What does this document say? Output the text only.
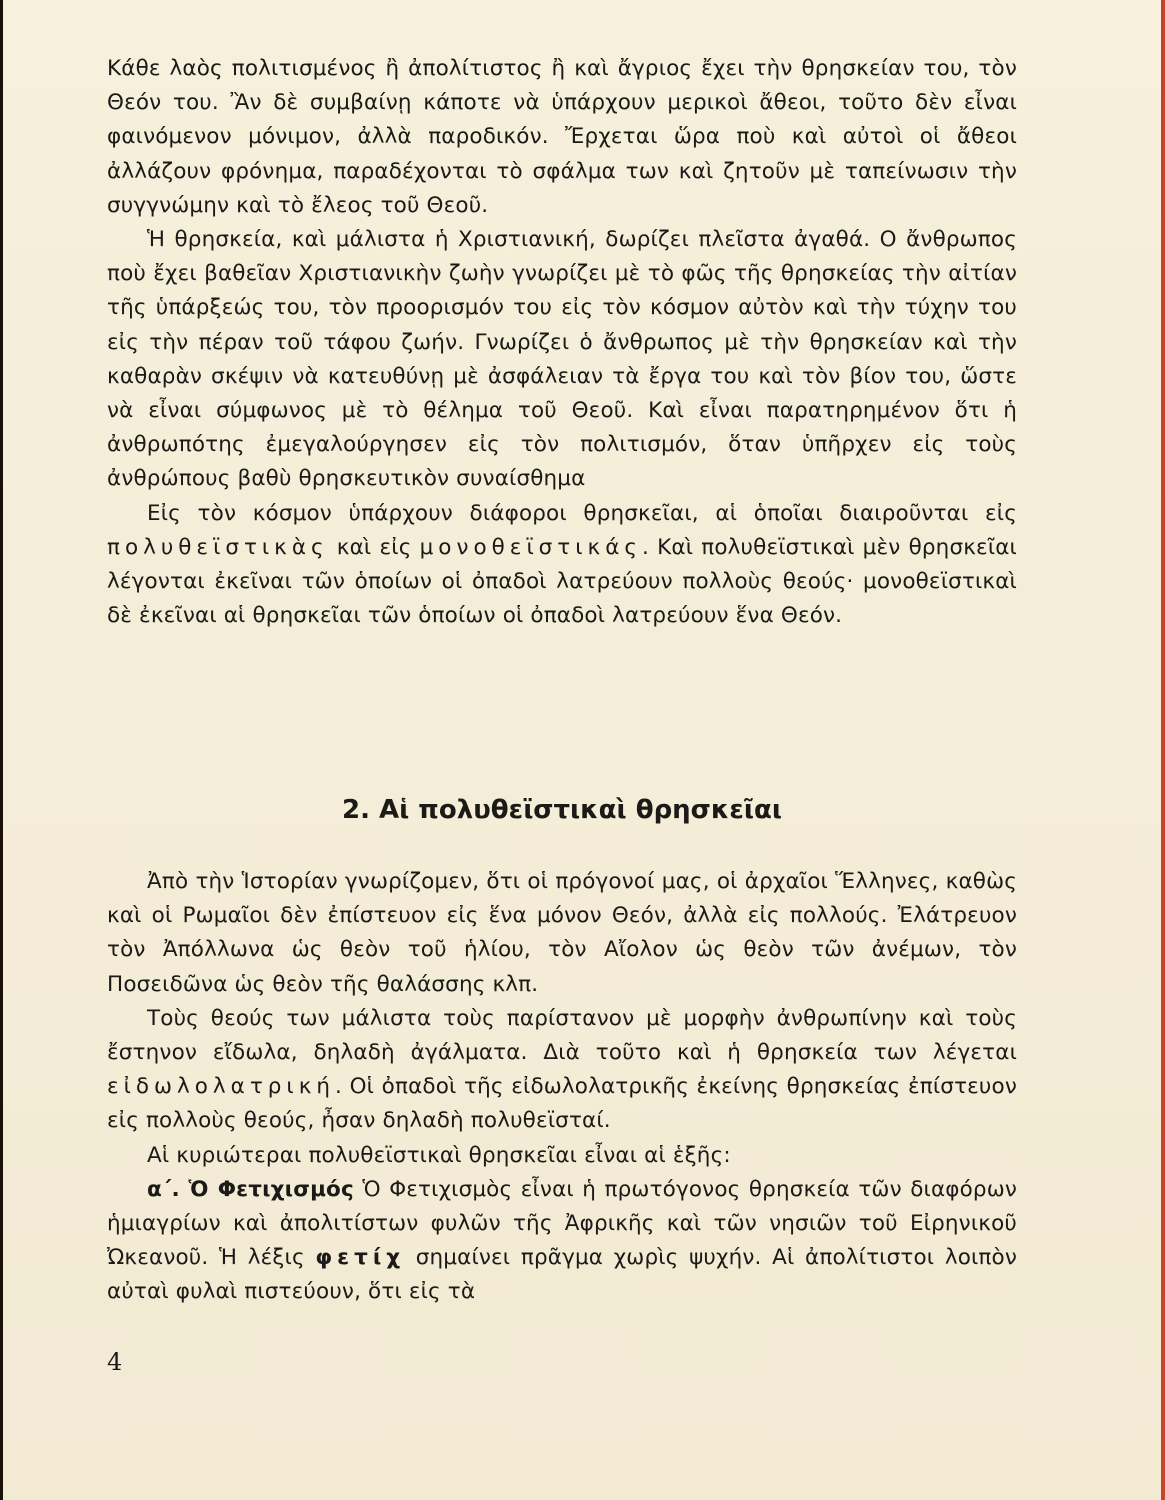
Κάθε λαὸς πολιτισμένος ἢ ἀπολίτιστος ἢ καὶ ἄγριος ἔχει τὴν θρησκείαν του, τὸν Θεόν του. Ἂν δὲ συμβαίνῃ κάποτε νὰ ὑπάρχουν μερικοὶ ἄθεοι, τοῦτο δὲν εἶναι φαινόμενον μόνιμον, ἀλλὰ παροδικόν. Ἔρχεται ὥρα ποὺ καὶ αὐτοὶ οἱ ἄθεοι ἀλλάζουν φρόνημα, παραδέχονται τὸ σφάλμα των καὶ ζητοῦν μὲ ταπείνωσιν τὴν συγγνώμην καὶ τὸ ἔλεος τοῦ Θεοῦ.

Ἡ θρησκεία, καὶ μάλιστα ἡ Χριστιανική, δωρίζει πλεῖστα ἀγαθά. Ο ἄνθρωπος ποὺ ἔχει βαθεῖαν Χριστιανικὴν ζωὴν γνωρίζει μὲ τὸ φῶς τῆς θρησκείας τὴν αἰτίαν τῆς ὑπάρξεώς του, τὸν προορισμόν του εἰς τὸν κόσμον αὐτὸν καὶ τὴν τύχην του εἰς τὴν πέραν τοῦ τάφου ζωήν. Γνωρίζει ὁ ἄνθρωπος μὲ τὴν θρησκείαν καὶ τὴν καθαρὰν σκέψιν νὰ κατευθύνῃ μὲ ἀσφάλειαν τὰ ἔργα του καὶ τὸν βίον του, ὥστε νὰ εἶναι σύμφωνος μὲ τὸ θέλημα τοῦ Θεοῦ. Καὶ εἶναι παρατηρημένον ὅτι ἡ ἀνθρωπότης ἐμεγαλούργησεν εἰς τὸν πολιτισμόν, ὅταν ὑπῆρχεν εἰς τοὺς ἀνθρώπους βαθὺ θρησκευτικὸν συναίσθημα

Εἰς τὸν κόσμον ὑπάρχουν διάφοροι θρησκεῖαι, αἱ ὁποῖαι διαιροῦνται εἰς πολυθεϊστικὰς καὶ εἰς μονοθεϊστικάς. Καὶ πολυθεϊστικαὶ μὲν θρησκεῖαι λέγονται ἐκεῖναι τῶν ὁποίων οἱ ὀπαδοὶ λατρεύουν πολλοὺς θεούς· μονοθεϊστικαὶ δὲ ἐκεῖναι αἱ θρησκεῖαι τῶν ὁποίων οἱ ὀπαδοὶ λατρεύουν ἕνα Θεόν.

2. Αἱ πολυθεϊστικαὶ θρησκεῖαι

Ἀπὸ τὴν Ἱστορίαν γνωρίζομεν, ὅτι οἱ πρόγονοί μας, οἱ ἀρχαῖοι Ἕλληνες, καθὼς καὶ οἱ Ρωμαῖοι δὲν ἐπίστευον εἰς ἕνα μόνον Θεόν, ἀλλὰ εἰς πολλούς. Ἐλάτρευον τὸν Ἀπόλλωνα ὡς θεὸν τοῦ ἡλίου, τὸν Αἴολον ὡς θεὸν τῶν ἀνέμων, τὸν Ποσειδῶνα ὡς θεὸν τῆς θαλάσσης κλπ.

Τοὺς θεούς των μάλιστα τοὺς παρίστανον μὲ μορφὴν ἀνθρωπίνην καὶ τοὺς ἔστηνον εἴδωλα, δηλαδὴ ἀγάλματα. Διὰ τοῦτο καὶ ἡ θρησκεία των λέγεται εἰδωλολατρική. Οἱ ὀπαδοὶ τῆς εἰδωλολατρικῆς ἐκείνης θρησκείας ἐπίστευον εἰς πολλοὺς θεούς, ἦσαν δηλαδὴ πολυθεϊσταί.

Αἱ κυριώτεραι πολυθεϊστικαὶ θρησκεῖαι εἶναι αἱ ἑξῆς:

α΄. Ὁ Φετιχισμός Ὁ Φετιχισμὸς εἶναι ἡ πρωτόγονος θρησκεία τῶν διαφόρων ἡμιαγρίων καὶ ἀπολιτίστων φυλῶν τῆς Ἀφρικῆς καὶ τῶν νησιῶν τοῦ Εἰρηνικοῦ Ὠκεανοῦ. Ἡ λέξις φετίχ σημαίνει πρᾶγμα χωρὶς ψυχήν. Αἱ ἀπολίτιστοι λοιπὸν αὐταὶ φυλαὶ πιστεύουν, ὅτι εἰς τὰ

4
